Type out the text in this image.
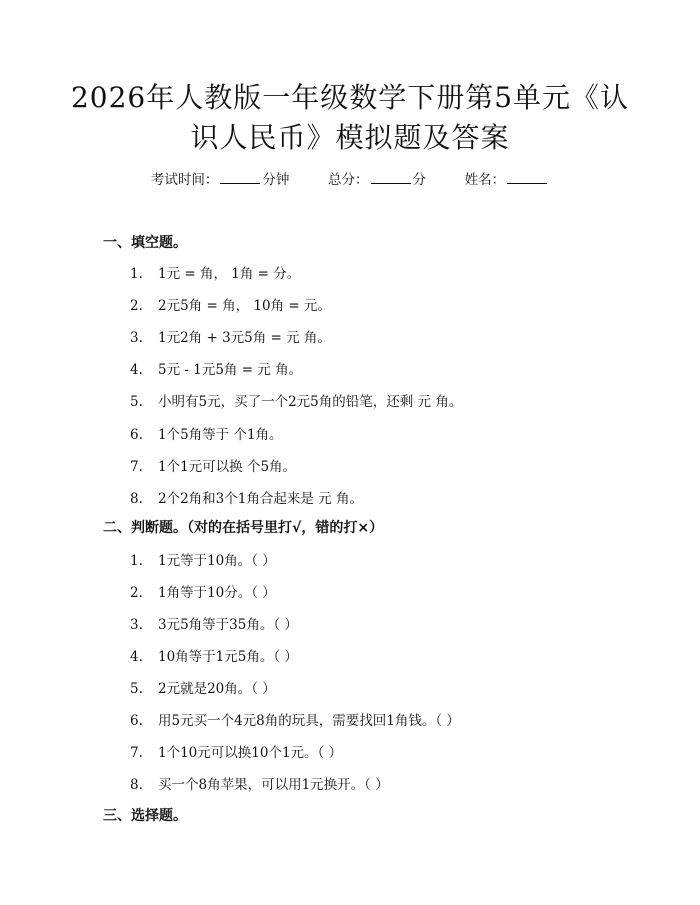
2026年人教版一年级数学下册第5单元《认
识人民币》模拟题及答案
考试时间：	分钟	总分：	分	姓名：
一、填空题。
1. 1元 = 角， 1角 = 分。
2. 2元5角 = 角， 10角 = 元。
3. 1元2角 + 3元5角 = 元 角。
4. 5元 - 1元5角 = 元 角。
5. 小明有5元，买了一个2元5角的铅笔，还剩 元 角。
6. 1个5角等于 个1角。
7. 1个1元可以换 个5角。
8. 2个2角和3个1角合起来是 元 角。
二、判断题。（对的在括号里打√，错的打×）
1. 1元等于10角。（ ）
2. 1角等于10分。（ ）
3. 3元5角等于35角。（ ）
4. 10角等于1元5角。（ ）
5. 2元就是20角。（ ）
6. 用5元买一个4元8角的玩具，需要找回1角钱。（ ）
7. 1个10元可以换10个1元。（ ）
8. 买一个8角苹果，可以用1元换开。（ ）
三、选择题。
